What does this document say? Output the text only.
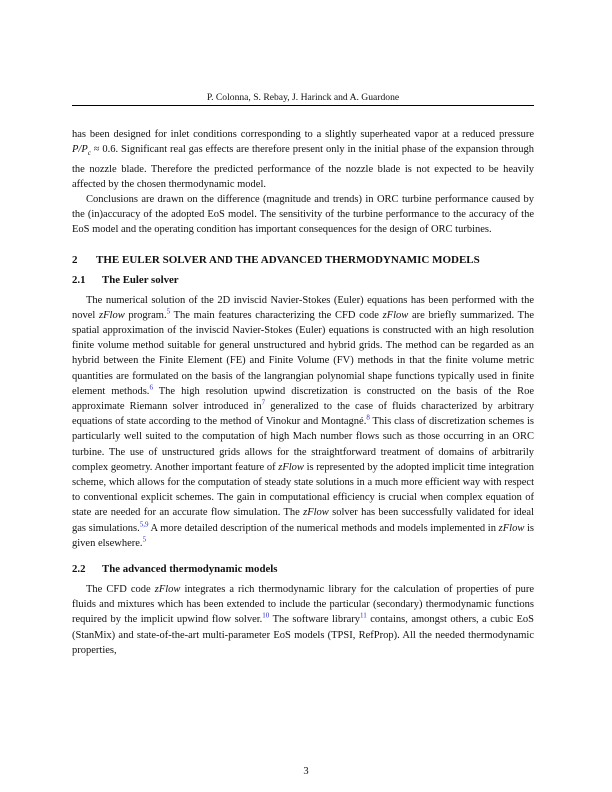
P. Colonna, S. Rebay, J. Harinck and A. Guardone

has been designed for inlet conditions corresponding to a slightly superheated vapor at a reduced pressure $P/P_c \approx 0.6$. Significant real gas effects are therefore present only in the initial phase of the expansion through the nozzle blade. Therefore the predicted performance of the nozzle blade is not expected to be heavily affected by the chosen thermodynamic model.

Conclusions are drawn on the difference (magnitude and trends) in ORC turbine performance caused by the (in)accuracy of the adopted EoS model. The sensitivity of the turbine performance to the accuracy of the EoS model and the operating condition has important consequences for the design of ORC turbines.

2	THE EULER SOLVER AND THE ADVANCED THERMODYNAMIC MODELS
2.1	The Euler solver

The numerical solution of the 2D inviscid Navier-Stokes (Euler) equations has been performed with the novel zFlow program.$^5$ The main features characterizing the CFD code zFlow are briefly summarized. The spatial approximation of the inviscid Navier-Stokes (Euler) equations is constructed with an high resolution finite volume method suitable for general unstructured and hybrid grids. The method can be regarded as an hybrid between the Finite Element (FE) and Finite Volume (FV) methods in that the finite volume metric quantities are formulated on the basis of the langrangian polynomial shape functions typically used in finite element methods.$^6$ The high resolution upwind discretization is constructed on the basis of the Roe approximate Riemann solver introduced in$^7$ generalized to the case of fluids characterized by arbitrary equations of state according to the method of Vinokur and Montagné.$^8$ This class of discretization schemes is particularly well suited to the computation of high Mach number flows such as those occurring in an ORC turbine. The use of unstructured grids allows for the straightforward treatment of domains of arbitrarily complex geometry. Another important feature of zFlow is represented by the adopted implicit time integration scheme, which allows for the computation of steady state solutions in a much more efficient way with respect to conventional explicit schemes. The gain in computational efficiency is crucial when complex equation of state are needed for an accurate flow simulation. The zFlow solver has been successfully validated for ideal gas simulations.$^{5,9}$ A more detailed description of the numerical methods and models implemented in zFlow is given elsewhere.$^5$

2.2	The advanced thermodynamic models

The CFD code zFlow integrates a rich thermodynamic library for the calculation of properties of pure fluids and mixtures which has been extended to include the particular (secondary) thermodynamic functions required by the implicit upwind flow solver.$^{10}$ The software library$^{11}$ contains, amongst others, a cubic EoS (StanMix) and state-of-the-art multi-parameter EoS models (TPSI, RefProp). All the needed thermodynamic properties,

3
